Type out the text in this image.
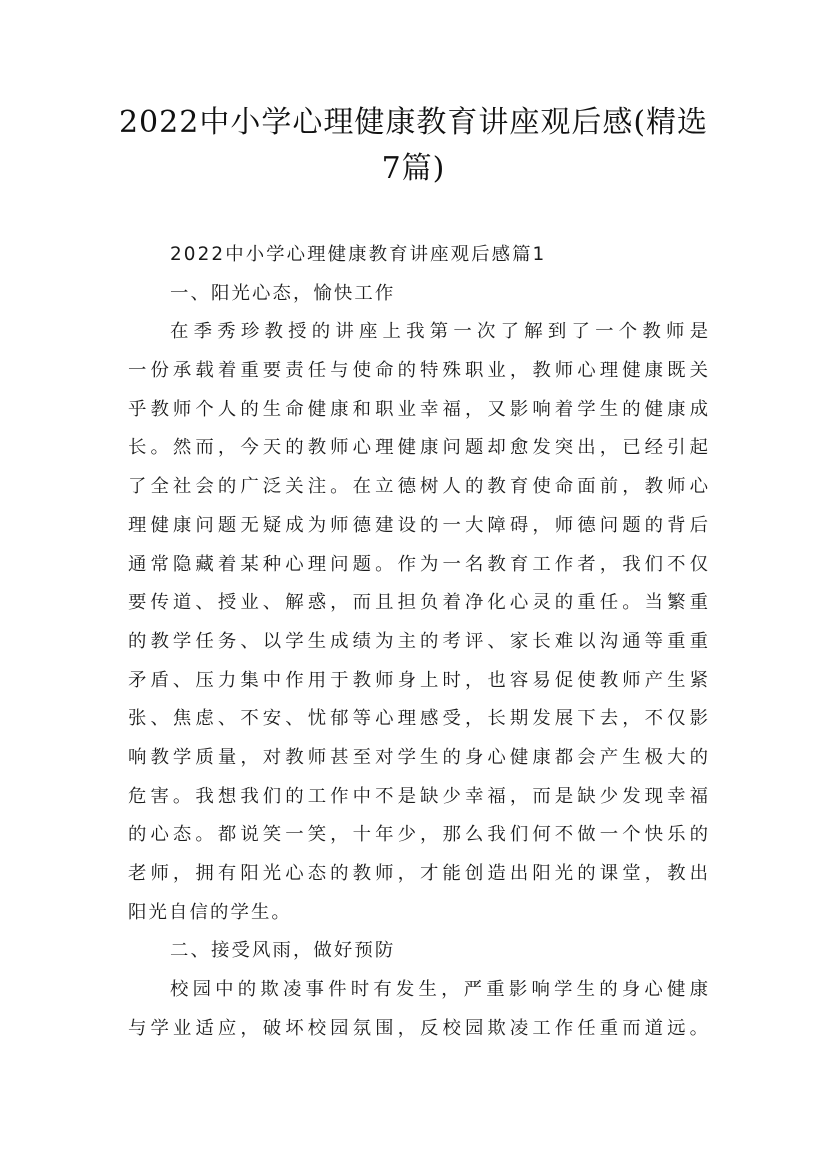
2022中小学心理健康教育讲座观后感(精选
7篇)
2022中小学心理健康教育讲座观后感篇1
一、阳光心态，愉快工作
在季秀珍教授的讲座上我第一次了解到了一个教师是
一份承载着重要责任与使命的特殊职业，教师心理健康既关
乎教师个人的生命健康和职业幸福，又影响着学生的健康成
长。然而，今天的教师心理健康问题却愈发突出，已经引起
了全社会的广泛关注。在立德树人的教育使命面前，教师心
理健康问题无疑成为师德建设的一大障碍，师德问题的背后
通常隐藏着某种心理问题。作为一名教育工作者，我们不仅
要传道、授业、解惑，而且担负着净化心灵的重任。当繁重
的教学任务、以学生成绩为主的考评、家长难以沟通等重重
矛盾、压力集中作用于教师身上时，也容易促使教师产生紧
张、焦虑、不安、忧郁等心理感受，长期发展下去，不仅影
响教学质量，对教师甚至对学生的身心健康都会产生极大的
危害。我想我们的工作中不是缺少幸福，而是缺少发现幸福
的心态。都说笑一笑，十年少，那么我们何不做一个快乐的
老师，拥有阳光心态的教师，才能创造出阳光的课堂，教出
阳光自信的学生。
二、接受风雨，做好预防
校园中的欺凌事件时有发生，严重影响学生的身心健康
与学业适应，破坏校园氛围，反校园欺凌工作任重而道远。
